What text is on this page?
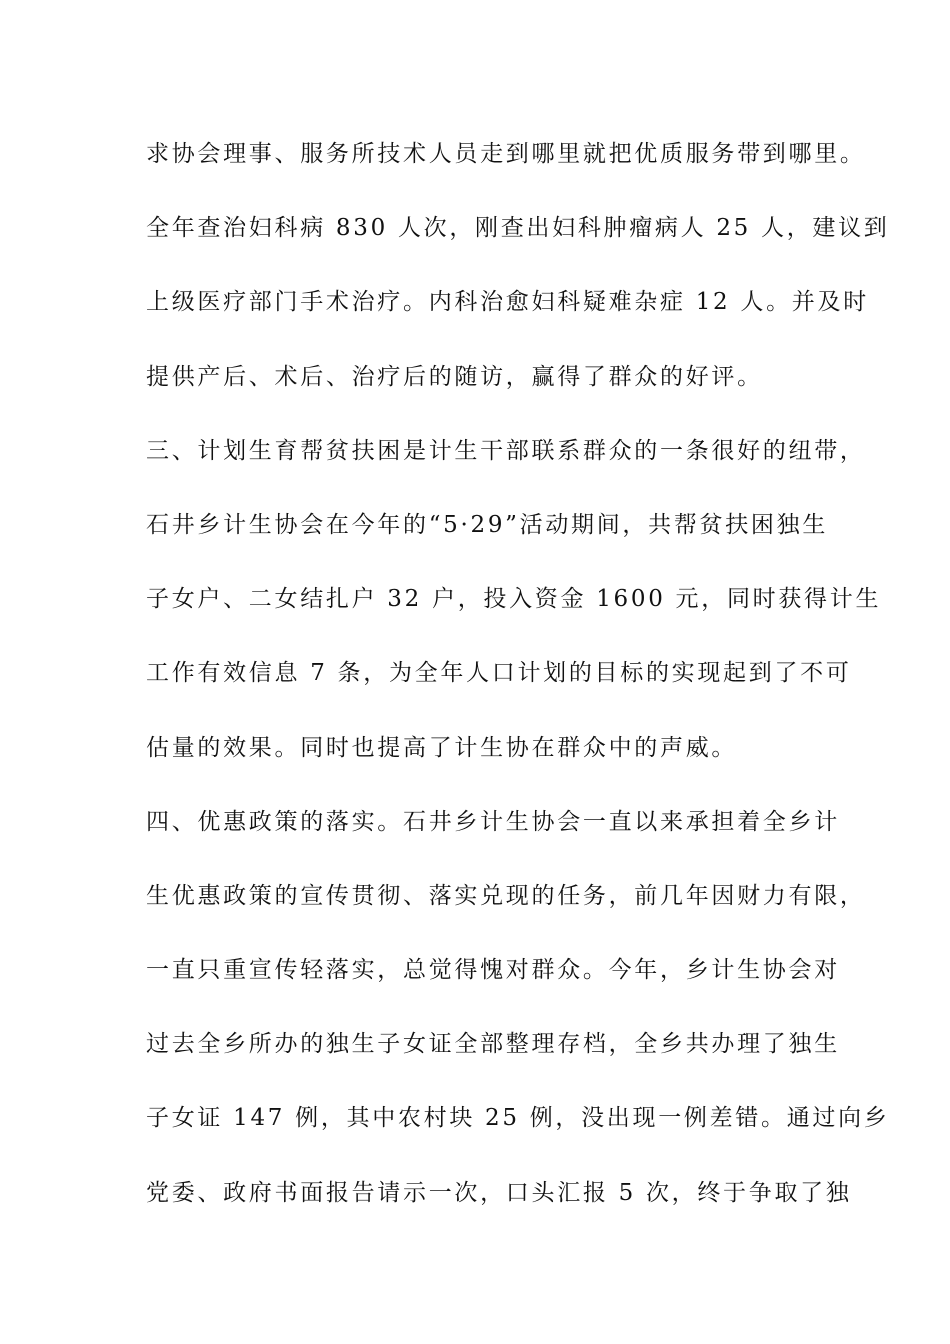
求协会理事、服务所技术人员走到哪里就把优质服务带到哪里。
全年查治妇科病 830 人次，刚查出妇科肿瘤病人 25 人，建议到
上级医疗部门手术治疗。内科治愈妇科疑难杂症 12 人。并及时
提供产后、术后、治疗后的随访，赢得了群众的好评。
三、计划生育帮贫扶困是计生干部联系群众的一条很好的纽带，
石井乡计生协会在今年的“5·29”活动期间，共帮贫扶困独生
子女户、二女结扎户 32 户，投入资金 1600 元，同时获得计生
工作有效信息 7 条，为全年人口计划的目标的实现起到了不可
估量的效果。同时也提高了计生协在群众中的声威。
四、优惠政策的落实。石井乡计生协会一直以来承担着全乡计
生优惠政策的宣传贯彻、落实兑现的任务，前几年因财力有限，
一直只重宣传轻落实，总觉得愧对群众。今年，乡计生协会对
过去全乡所办的独生子女证全部整理存档，全乡共办理了独生
子女证 147 例，其中农村块 25 例，没出现一例差错。通过向乡
党委、政府书面报告请示一次，口头汇报 5 次，终于争取了独
